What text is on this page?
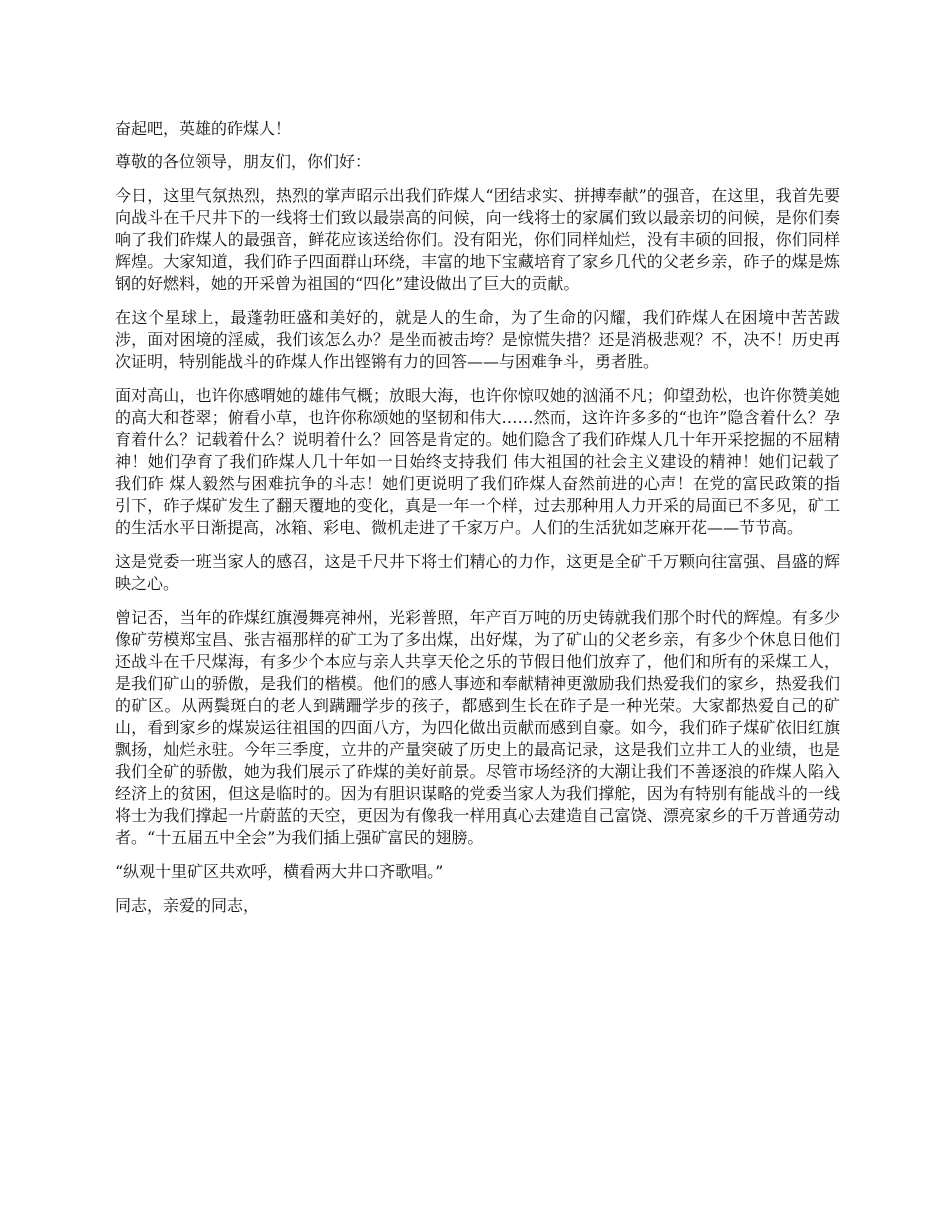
奋起吧，英雄的砟煤人！

尊敬的各位领导，朋友们，你们好：

今日，这里气氛热烈，热烈的掌声昭示出我们砟煤人“团结求实、拼搏奉献”的强音，在这里，我首先要向战斗在千尺井下的一线将士们致以最崇高的问候，向一线将士的家属们致以最亲切的问候，是你们奏响了我们砟煤人的最强音，鲜花应该送给你们。没有阳光，你们同样灿烂，没有丰硕的回报，你们同样辉煌。大家知道，我们砟子四面群山环绕，丰富的地下宝藏培育了家乡几代的父老乡亲，砟子的煤是炼钢的好燃料，她的开采曾为祖国的“四化”建设做出了巨大的贡献。

在这个星球上，最蓬勃旺盛和美好的，就是人的生命，为了生命的闪耀，我们砟煤人在困境中苦苦跋涉，面对困境的淫威，我们该怎么办？是坐而被击垮？是惊慌失措？还是消极悲观？不，决不！历史再次证明，特别能战斗的砟煤人作出铿锵有力的回答——与困难争斗，勇者胜。

面对高山，也许你感喟她的雄伟气概；放眼大海，也许你惊叹她的汹涌不凡；仰望劲松，也许你赞美她的高大和苍翠；俯看小草，也许你称颂她的坚韧和伟大……然而，这许许多多的“也许”隐含着什么？孕育着什么？记载着什么？说明着什么？回答是肯定的。她们隐含了我们砟煤人几十年开采挖掘的不屈精神！她们孕育了我们砟煤人几十年如一日始终支持我们 伟大祖国的社会主义建设的精神！她们记载了我们砟 煤人毅然与困难抗争的斗志！她们更说明了我们砟煤人奋然前进的心声！在党的富民政策的指引下，砟子煤矿发生了翻天覆地的变化，真是一年一个样，过去那种用人力开采的局面已不多见，矿工的生活水平日渐提高，冰箱、彩电、微机走进了千家万户。人们的生活犹如芝麻开花——节节高。

这是党委一班当家人的感召，这是千尺井下将士们精心的力作，这更是全矿千万颗向往富强、昌盛的辉映之心。

曾记否，当年的砟煤红旗漫舞亮神州，光彩普照，年产百万吨的历史铸就我们那个时代的辉煌。有多少像矿劳模郑宝昌、张吉福那样的矿工为了多出煤，出好煤，为了矿山的父老乡亲，有多少个休息日他们还战斗在千尺煤海，有多少个本应与亲人共享天伦之乐的节假日他们放弃了，他们和所有的采煤工人，是我们矿山的骄傲，是我们的楷模。他们的感人事迹和奉献精神更激励我们热爱我们的家乡，热爱我们的矿区。从两鬓斑白的老人到蹒跚学步的孩子，都感到生长在砟子是一种光荣。大家都热爱自己的矿山，看到家乡的煤炭运往祖国的四面八方，为四化做出贡献而感到自豪。如今，我们砟子煤矿依旧红旗飘扬，灿烂永驻。今年三季度，立井的产量突破了历史上的最高记录，这是我们立井工人的业绩，也是我们全矿的骄傲，她为我们展示了砟煤的美好前景。尽管市场经济的大潮让我们不善逐浪的砟煤人陷入经济上的贫困，但这是临时的。因为有胆识谋略的党委当家人为我们撑舵，因为有特别有能战斗的一线将士为我们撑起一片蔚蓝的天空，更因为有像我一样用真心去建造自己富饶、漂亮家乡的千万普通劳动者。“十五届五中全会”为我们插上强矿富民的翅膀。

“纵观十里矿区共欢呼，横看两大井口齐歌唱。”

同志，亲爱的同志，
